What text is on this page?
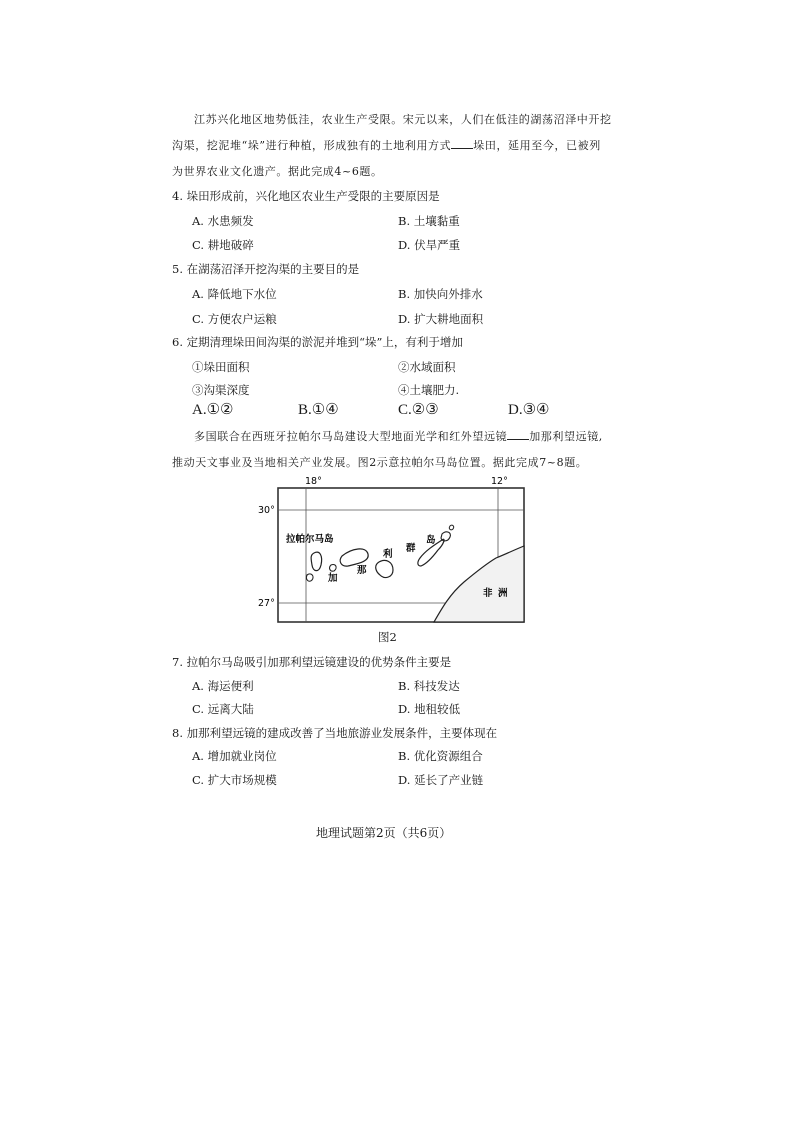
江苏兴化地区地势低洼，农业生产受限。宋元以来，人们在低洼的湖荡沼泽中开挖
沟渠，挖泥堆“垛”进行种植，形成独有的土地利用方式 垛田，延用至今，已被列
为世界农业文化遗产。据此完成4~6题。
4. 垛田形成前，兴化地区农业生产受限的主要原因是
A. 水患频发	B. 土壤黏重
C. 耕地破碎	D. 伏旱严重
5. 在湖荡沼泽开挖沟渠的主要目的是
A. 降低地下水位	B. 加快向外排水
C. 方便农户运粮	D. 扩大耕地面积
6. 定期清理垛田间沟渠的淤泥并堆到“垛”上，有利于增加
①垛田面积	②水域面积
③沟渠深度	④土壤肥力.
A.①②	B.①④	C.②③	D.③④
多国联合在西班牙拉帕尔马岛建设大型地面光学和红外望远镜 加那利望远镜,
推动天文事业及当地相关产业发展。图2示意拉帕尔马岛位置。据此完成7~8题。
18°	12°
30°
27°
拉帕尔马岛
加
那
利
群
岛
非 洲
图2
7. 拉帕尔马岛吸引加那利望远镜建设的优势条件主要是
A. 海运便利	B. 科技发达
C. 远离大陆	D. 地租较低
8. 加那利望远镜的建成改善了当地旅游业发展条件，主要体现在
A. 增加就业岗位	B. 优化资源组合
C. 扩大市场规模	D. 延长了产业链
地理试题第2页（共6页）
